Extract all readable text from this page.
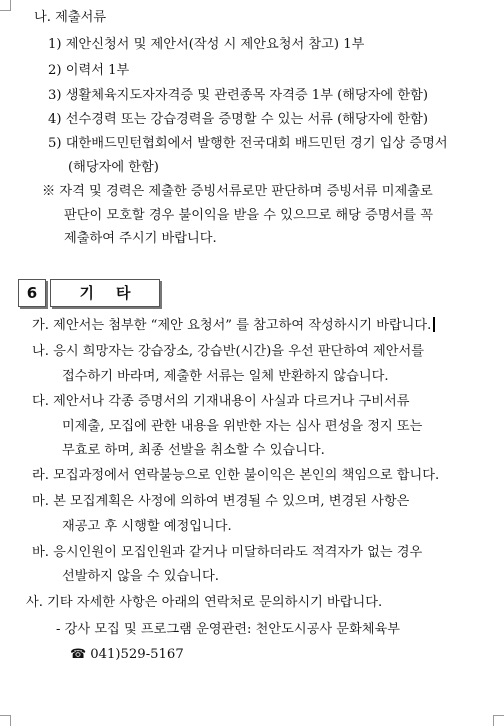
나. 제출서류
1) 제안신청서 및 제안서(작성 시 제안요청서 참고) 1부
2) 이력서 1부
3) 생활체육지도자자격증 및 관련종목 자격증 1부 (해당자에 한함)
4) 선수경력 또는 강습경력을 증명할 수 있는 서류 (해당자에 한함)
5) 대한배드민턴협회에서 발행한 전국대회 배드민턴 경기 입상 증명서
(해당자에 한함)
※ 자격 및 경력은 제출한 증빙서류로만 판단하며 증빙서류 미제출로
판단이 모호할 경우 불이익을 받을 수 있으므로 해당 증명서를 꼭
제출하여 주시기 바랍니다.
6	기타
가. 제안서는 첨부한 “제안 요청서” 를 참고하여 작성하시기 바랍니다.
나. 응시 희망자는 강습장소, 강습반(시간)을 우선 판단하여 제안서를
접수하기 바라며, 제출한 서류는 일체 반환하지 않습니다.
다. 제안서나 각종 증명서의 기재내용이 사실과 다르거나 구비서류
미제출, 모집에 관한 내용을 위반한 자는 심사 편성을 정지 또는
무효로 하며, 최종 선발을 취소할 수 있습니다.
라. 모집과정에서 연락불능으로 인한 불이익은 본인의 책임으로 합니다.
마. 본 모집계획은 사정에 의하여 변경될 수 있으며, 변경된 사항은
재공고 후 시행할 예정입니다.
바. 응시인원이 모집인원과 같거나 미달하더라도 적격자가 없는 경우
선발하지 않을 수 있습니다.
사. 기타 자세한 사항은 아래의 연락처로 문의하시기 바랍니다.
- 강사 모집 및 프로그램 운영관련: 천안도시공사 문화체육부
☎ 041)529-5167
